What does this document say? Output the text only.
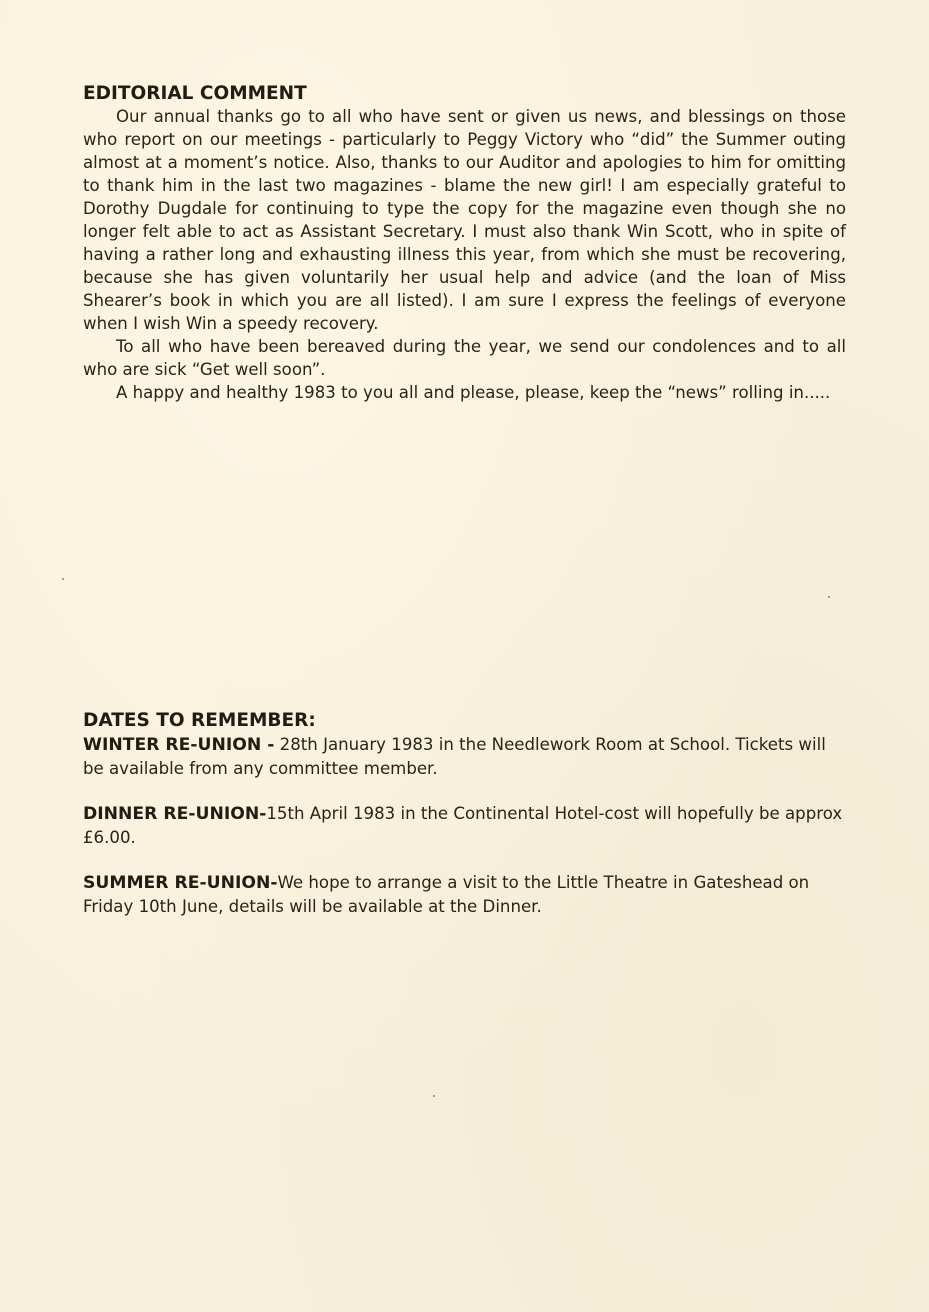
EDITORIAL COMMENT

Our annual thanks go to all who have sent or given us news, and blessings on those who report on our meetings - particularly to Peggy Victory who “did” the Summer outing almost at a moment’s notice. Also, thanks to our Auditor and apologies to him for omitting to thank him in the last two magazines - blame the new girl! I am especially grateful to Dorothy Dugdale for continuing to type the copy for the magazine even though she no longer felt able to act as Assistant Secretary. I must also thank Win Scott, who in spite of having a rather long and exhausting illness this year, from which she must be recovering, because she has given voluntarily her usual help and advice (and the loan of Miss Shearer’s book in which you are all listed). I am sure I express the feelings of everyone when I wish Win a speedy recovery.

To all who have been bereaved during the year, we send our condolences and to all who are sick “Get well soon”.

A happy and healthy 1983 to you all and please, please, keep the “news” rolling in.....

DATES TO REMEMBER:

WINTER RE-UNION - 28th January 1983 in the Needlework Room at School. Tickets will be available from any committee member.

DINNER RE-UNION-15th April 1983 in the Continental Hotel-cost will hopefully be approx £6.00.

SUMMER RE-UNION-We hope to arrange a visit to the Little Theatre in Gateshead on Friday 10th June, details will be available at the Dinner.
